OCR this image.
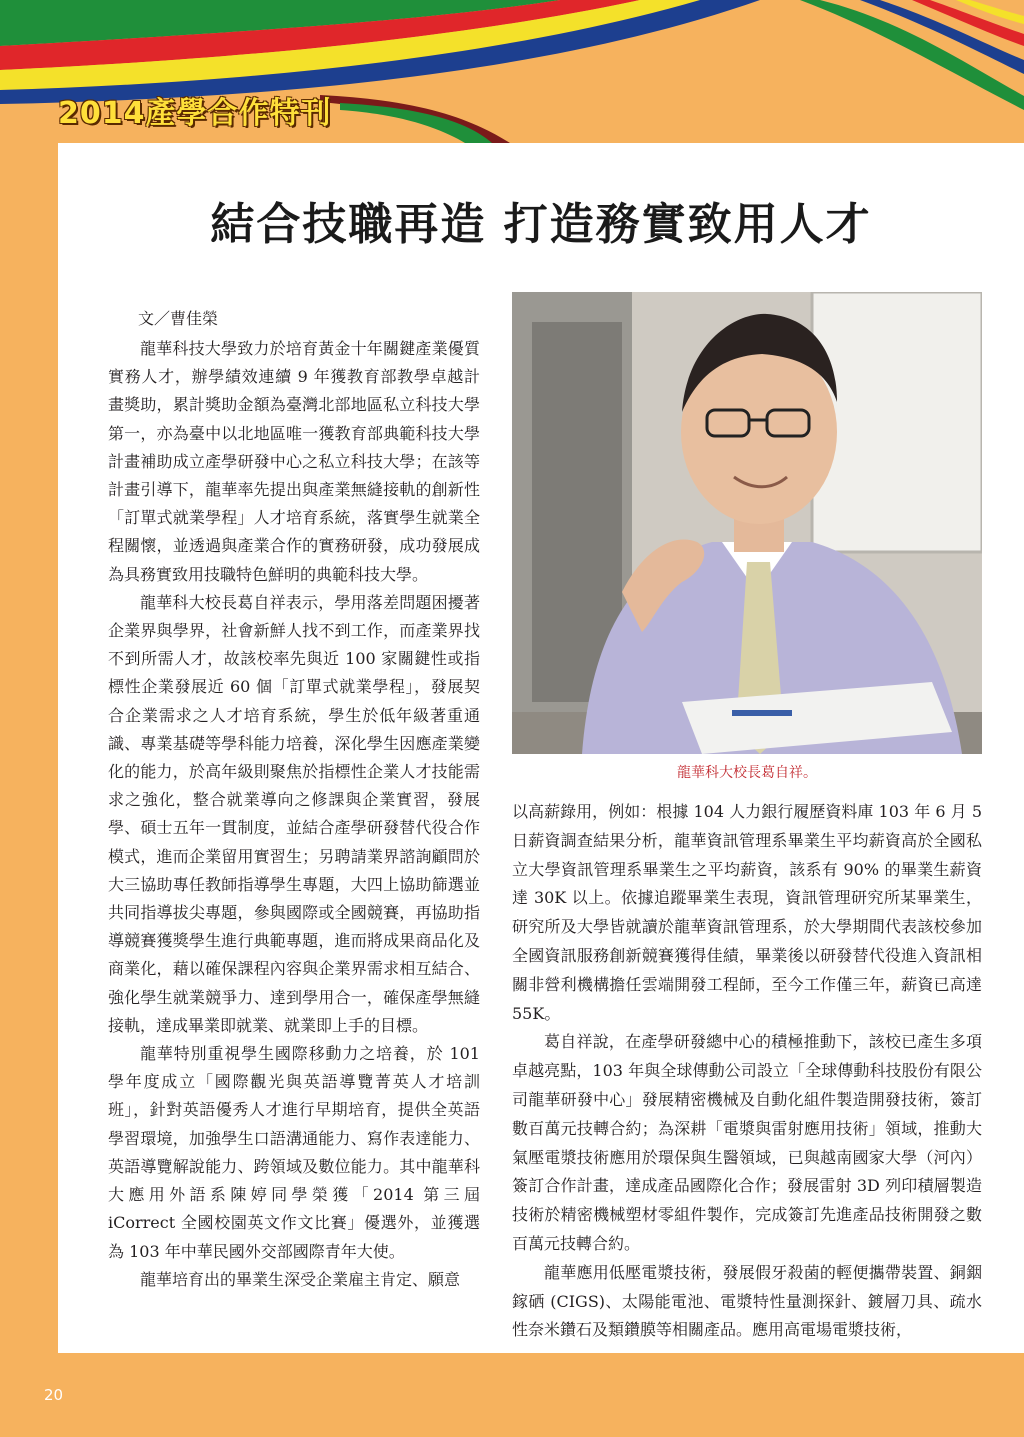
2014產學合作特刊

結合技職再造 打造務實致用人才

文／曹佳榮

龍華科技大學致力於培育黃金十年關鍵產業優質實務人才，辦學績效連續 9 年獲教育部教學卓越計畫獎助，累計獎助金額為臺灣北部地區私立科技大學第一，亦為臺中以北地區唯一獲教育部典範科技大學計畫補助成立產學研發中心之私立科技大學；在該等計畫引導下，龍華率先提出與產業無縫接軌的創新性「訂單式就業學程」人才培育系統，落實學生就業全程關懷，並透過與產業合作的實務研發，成功發展成為具務實致用技職特色鮮明的典範科技大學。

龍華科大校長葛自祥表示，學用落差問題困擾著企業界與學界，社會新鮮人找不到工作，而產業界找不到所需人才，故該校率先與近 100 家關鍵性或指標性企業發展近 60 個「訂單式就業學程」，發展契合企業需求之人才培育系統，學生於低年級著重通識、專業基礎等學科能力培養，深化學生因應產業變化的能力，於高年級則聚焦於指標性企業人才技能需求之強化，整合就業導向之修課與企業實習，發展學、碩士五年一貫制度，並結合產學研發替代役合作模式，進而企業留用實習生；另聘請業界諮詢顧問於大三協助專任教師指導學生專題，大四上協助篩選並共同指導拔尖專題，參與國際或全國競賽，再協助指導競賽獲獎學生進行典範專題，進而將成果商品化及商業化，藉以確保課程內容與企業界需求相互結合、強化學生就業競爭力、達到學用合一，確保產學無縫接軌，達成畢業即就業、就業即上手的目標。

龍華特別重視學生國際移動力之培養，於 101 學年度成立「國際觀光與英語導覽菁英人才培訓班」，針對英語優秀人才進行早期培育，提供全英語學習環境，加強學生口語溝通能力、寫作表達能力、英語導覽解說能力、跨領域及數位能力。其中龍華科大應用外語系陳婷同學榮獲「2014 第三屆 iCorrect 全國校園英文作文比賽」優選外，並獲選為 103 年中華民國外交部國際青年大使。

龍華培育出的畢業生深受企業雇主肯定、願意

龍華科大校長葛自祥。

以高薪錄用，例如：根據 104 人力銀行履歷資料庫 103 年 6 月 5 日薪資調查結果分析，龍華資訊管理系畢業生平均薪資高於全國私立大學資訊管理系畢業生之平均薪資，該系有 90% 的畢業生薪資達 30K 以上。依據追蹤畢業生表現，資訊管理研究所某畢業生，研究所及大學皆就讀於龍華資訊管理系，於大學期間代表該校參加全國資訊服務創新競賽獲得佳績，畢業後以研發替代役進入資訊相關非營利機構擔任雲端開發工程師，至今工作僅三年，薪資已高達 55K。

葛自祥說，在產學研發總中心的積極推動下，該校已產生多項卓越亮點，103 年與全球傳動公司設立「全球傳動科技股份有限公司龍華研發中心」發展精密機械及自動化組件製造開發技術，簽訂數百萬元技轉合約；為深耕「電漿與雷射應用技術」領域，推動大氣壓電漿技術應用於環保與生醫領域，已與越南國家大學（河內）簽訂合作計畫，達成產品國際化合作；發展雷射 3D 列印積層製造技術於精密機械塑材零組件製作，完成簽訂先進產品技術開發之數百萬元技轉合約。

龍華應用低壓電漿技術，發展假牙殺菌的輕便攜帶裝置、銅銦鎵硒 (CIGS)、太陽能電池、電漿特性量測探針、鍍層刀具、疏水性奈米鑽石及類鑽膜等相關產品。應用高電場電漿技術，

20
